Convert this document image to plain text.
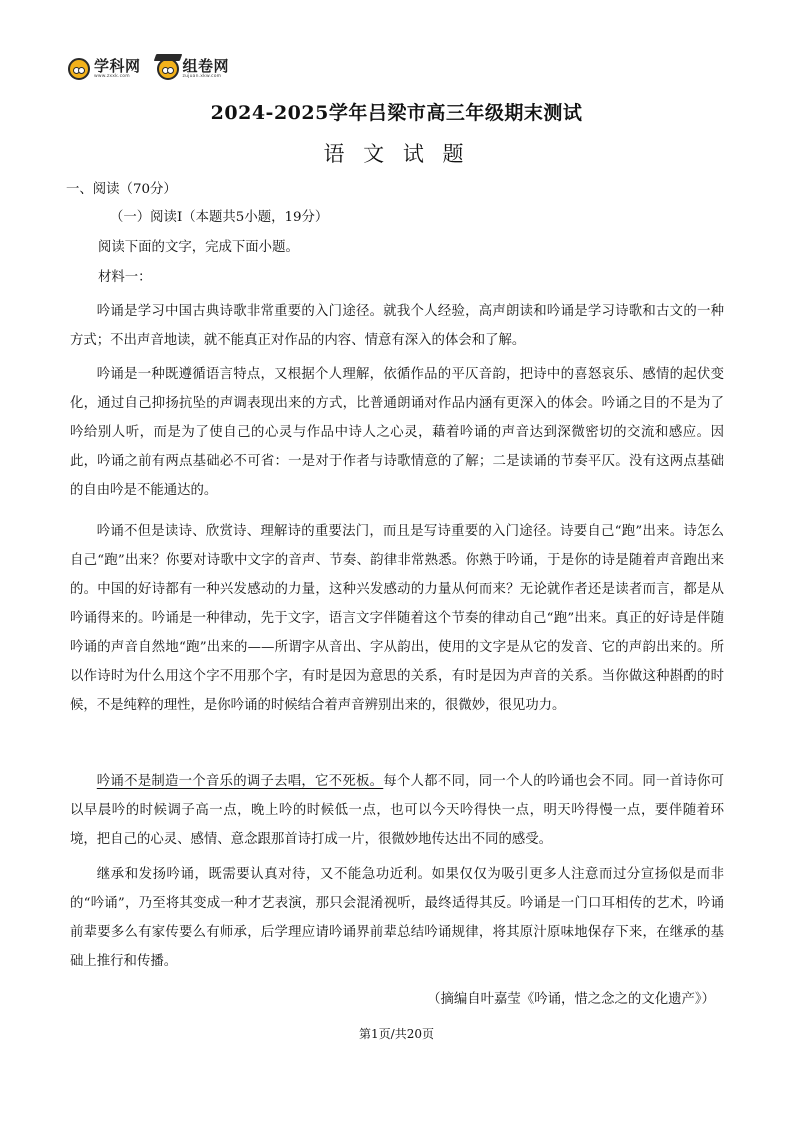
学科网
www.zxxk.com
组卷网
zujuan.xkw.com
2024-2025学年吕梁市高三年级期末测试
语 文 试 题
一、阅读（70分）
（一）阅读Ⅰ（本题共5小题，19分）
阅读下面的文字，完成下面小题。
材料一：
吟诵是学习中国古典诗歌非常重要的入门途径。就我个人经验，高声朗读和吟诵是学习诗歌和古文的一种方式；不出声音地读，就不能真正对作品的内容、情意有深入的体会和了解。
吟诵是一种既遵循语言特点，又根据个人理解，依循作品的平仄音韵，把诗中的喜怒哀乐、感情的起伏变化，通过自己抑扬抗坠的声调表现出来的方式，比普通朗诵对作品内涵有更深入的体会。吟诵之目的不是为了吟给别人听，而是为了使自己的心灵与作品中诗人之心灵，藉着吟诵的声音达到深微密切的交流和感应。因此，吟诵之前有两点基础必不可省：一是对于作者与诗歌情意的了解；二是读诵的节奏平仄。没有这两点基础的自由吟是不能通达的。
吟诵不但是读诗、欣赏诗、理解诗的重要法门，而且是写诗重要的入门途径。诗要自己“跑”出来。诗怎么自己“跑”出来？你要对诗歌中文字的音声、节奏、韵律非常熟悉。你熟于吟诵，于是你的诗是随着声音跑出来的。中国的好诗都有一种兴发感动的力量，这种兴发感动的力量从何而来？无论就作者还是读者而言，都是从吟诵得来的。吟诵是一种律动，先于文字，语言文字伴随着这个节奏的律动自己“跑”出来。真正的好诗是伴随吟诵的声音自然地“跑”出来的——所谓字从音出、字从韵出，使用的文字是从它的发音、它的声韵出来的。所以作诗时为什么用这个字不用那个字，有时是因为意思的关系，有时是因为声音的关系。当你做这种斟酌的时候，不是纯粹的理性，是你吟诵的时候结合着声音辨别出来的，很微妙，很见功力。
吟诵不是制造一个音乐的调子去唱，它不死板。每个人都不同，同一个人的吟诵也会不同。同一首诗你可以早晨吟的时候调子高一点，晚上吟的时候低一点，也可以今天吟得快一点，明天吟得慢一点，要伴随着环境，把自己的心灵、感情、意念跟那首诗打成一片，很微妙地传达出不同的感受。
继承和发扬吟诵，既需要认真对待，又不能急功近利。如果仅仅为吸引更多人注意而过分宣扬似是而非的“吟诵”，乃至将其变成一种才艺表演，那只会混淆视听，最终适得其反。吟诵是一门口耳相传的艺术，吟诵前辈要多么有家传要么有师承，后学理应请吟诵界前辈总结吟诵规律，将其原汁原味地保存下来，在继承的基础上推行和传播。
（摘编自叶嘉莹《吟诵，惜之念之的文化遗产》）
第1页/共20页
